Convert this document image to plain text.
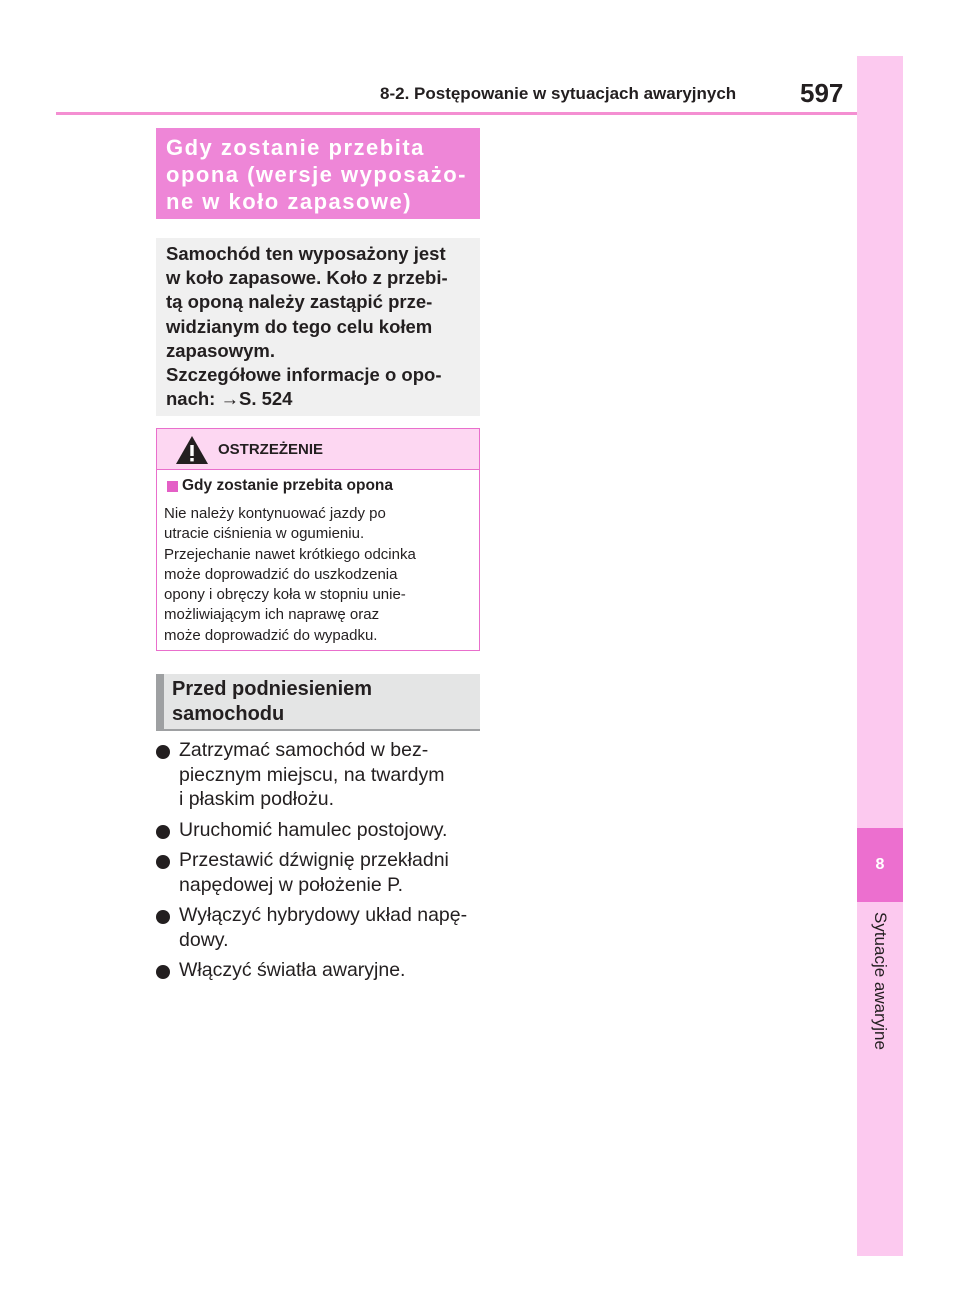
8-2. Postępowanie w sytuacjach awaryjnych 597
8
Sytuacje awaryjne
Gdy zostanie przebita
opona (wersje wyposażo-
ne w koło zapasowe)
Samochód ten wyposażony jest
w koło zapasowe. Koło z przebi-
tą oponą należy zastąpić prze-
widzianym do tego celu kołem
zapasowym.
Szczegółowe informacje o opo-
nach: →S. 524
OSTRZEŻENIE
Gdy zostanie przebita opona
Nie należy kontynuować jazdy po
utracie ciśnienia w ogumieniu.
Przejechanie nawet krótkiego odcinka
może doprowadzić do uszkodzenia
opony i obręczy koła w stopniu unie-
możliwiającym ich naprawę oraz
może doprowadzić do wypadku.
Przed podniesieniem
samochodu
Zatrzymać samochód w bez-
piecznym miejscu, na twardym
i płaskim podłożu.
Uruchomić hamulec postojowy.
Przestawić dźwignię przekładni
napędowej w położenie P.
Wyłączyć hybrydowy układ napę-
dowy.
Włączyć światła awaryjne.
